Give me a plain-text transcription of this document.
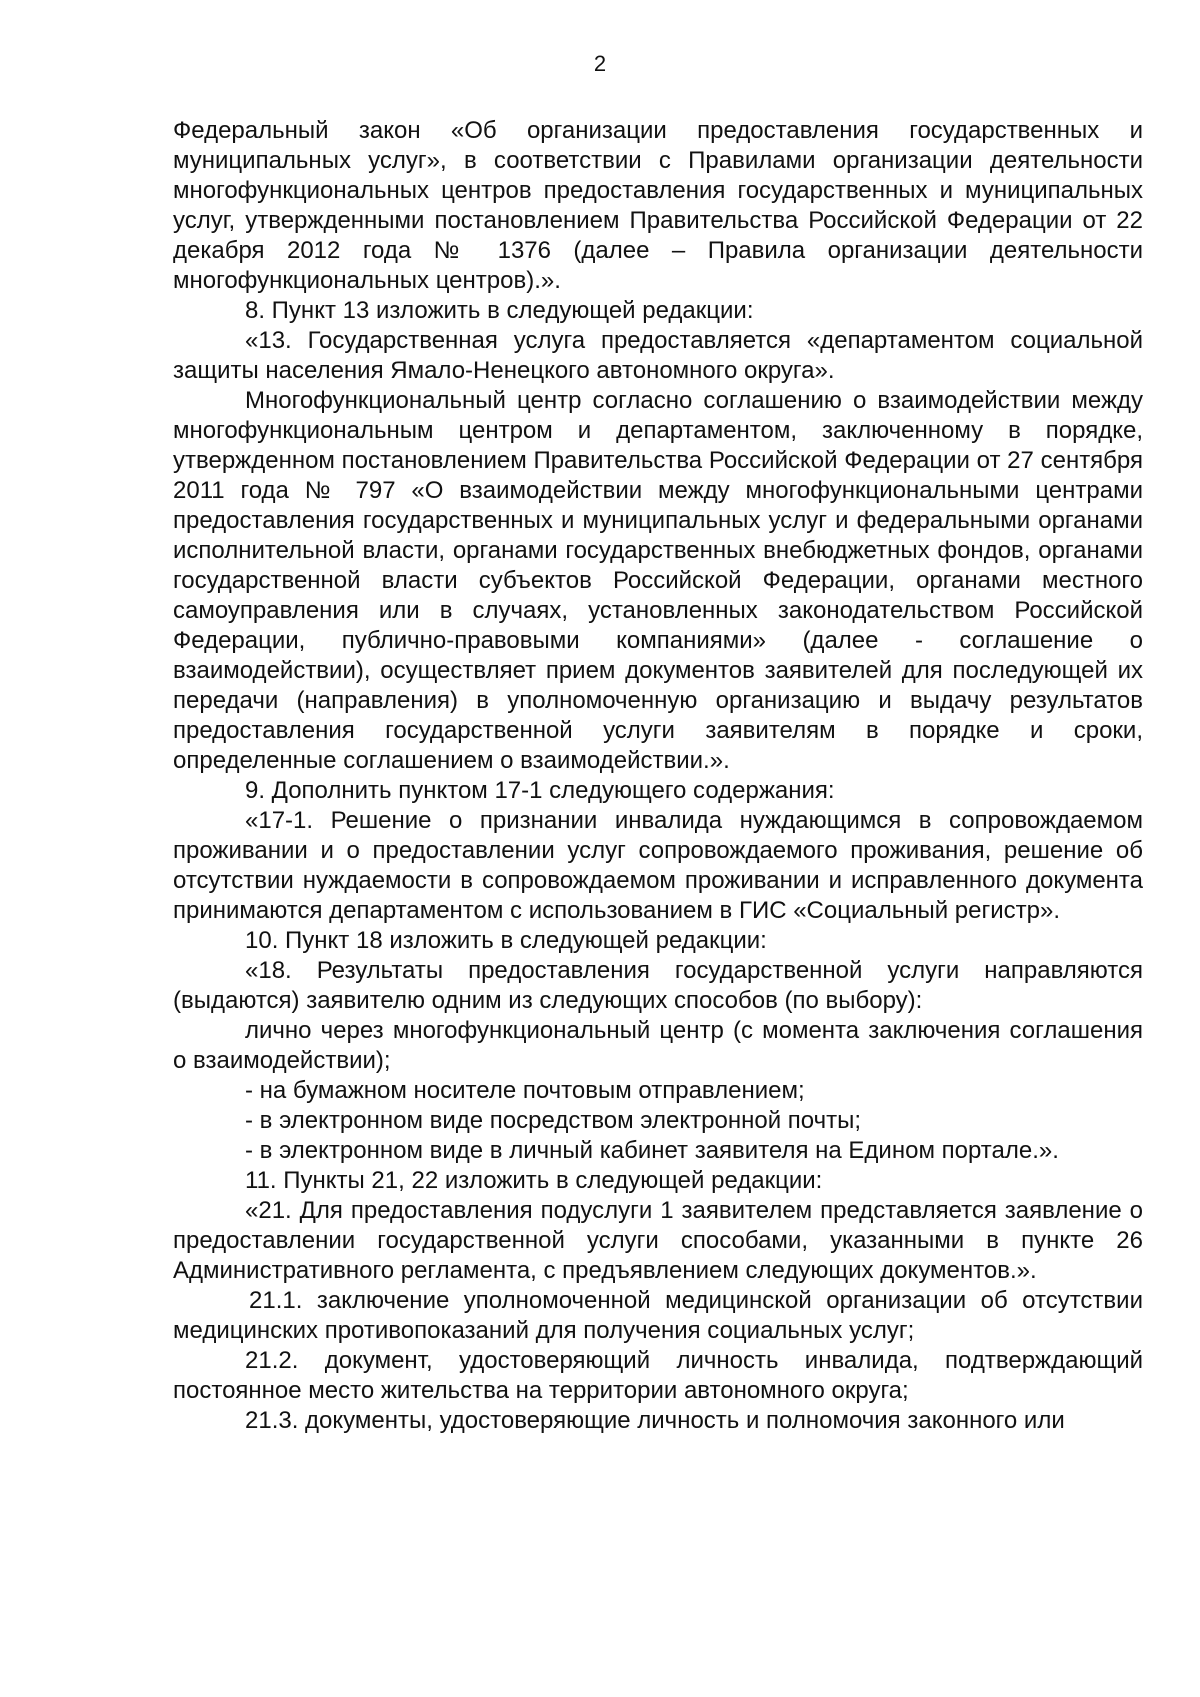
2

Федеральный закон «Об организации предоставления государственных и муниципальных услуг», в соответствии с Правилами организации деятельности многофункциональных центров предоставления государственных и муниципальных услуг, утвержденными постановлением Правительства Российской Федерации от 22 декабря 2012 года № 1376 (далее – Правила организации деятельности многофункциональных центров).».

8. Пункт 13 изложить в следующей редакции:

«13. Государственная услуга предоставляется «департаментом социальной защиты населения Ямало-Ненецкого автономного округа».

Многофункциональный центр согласно соглашению о взаимодействии между многофункциональным центром и департаментом, заключенному в порядке, утвержденном постановлением Правительства Российской Федерации от 27 сентября 2011 года № 797 «О взаимодействии между многофункциональными центрами предоставления государственных и муниципальных услуг и федеральными органами исполнительной власти, органами государственных внебюджетных фондов, органами государственной власти субъектов Российской Федерации, органами местного самоуправления или в случаях, установленных законодательством Российской Федерации, публично-правовыми компаниями» (далее - соглашение о взаимодействии), осуществляет прием документов заявителей для последующей их передачи (направления) в уполномоченную организацию и выдачу результатов предоставления государственной услуги заявителям в порядке и сроки, определенные соглашением о взаимодействии.».

9. Дополнить пунктом 17-1 следующего содержания:

«17-1. Решение о признании инвалида нуждающимся в сопровождаемом проживании и о предоставлении услуг сопровождаемого проживания, решение об отсутствии нуждаемости в сопровождаемом проживании и исправленного документа принимаются департаментом с использованием в ГИС «Социальный регистр».

10. Пункт 18 изложить в следующей редакции:

«18. Результаты предоставления государственной услуги направляются (выдаются) заявителю одним из следующих способов (по выбору):

лично через многофункциональный центр (с момента заключения соглашения о взаимодействии);

- на бумажном носителе почтовым отправлением;

- в электронном виде посредством электронной почты;

- в электронном виде в личный кабинет заявителя на Едином портале.».

11. Пункты 21, 22 изложить в следующей редакции:

«21. Для предоставления подуслуги 1 заявителем представляется заявление о предоставлении государственной услуги способами, указанными в пункте 26 Административного регламента, с предъявлением следующих документов.».

21.1. заключение уполномоченной медицинской организации об отсутствии медицинских противопоказаний для получения социальных услуг;

21.2. документ, удостоверяющий личность инвалида, подтверждающий постоянное место жительства на территории автономного округа;

21.3. документы, удостоверяющие личность и полномочия законного или
